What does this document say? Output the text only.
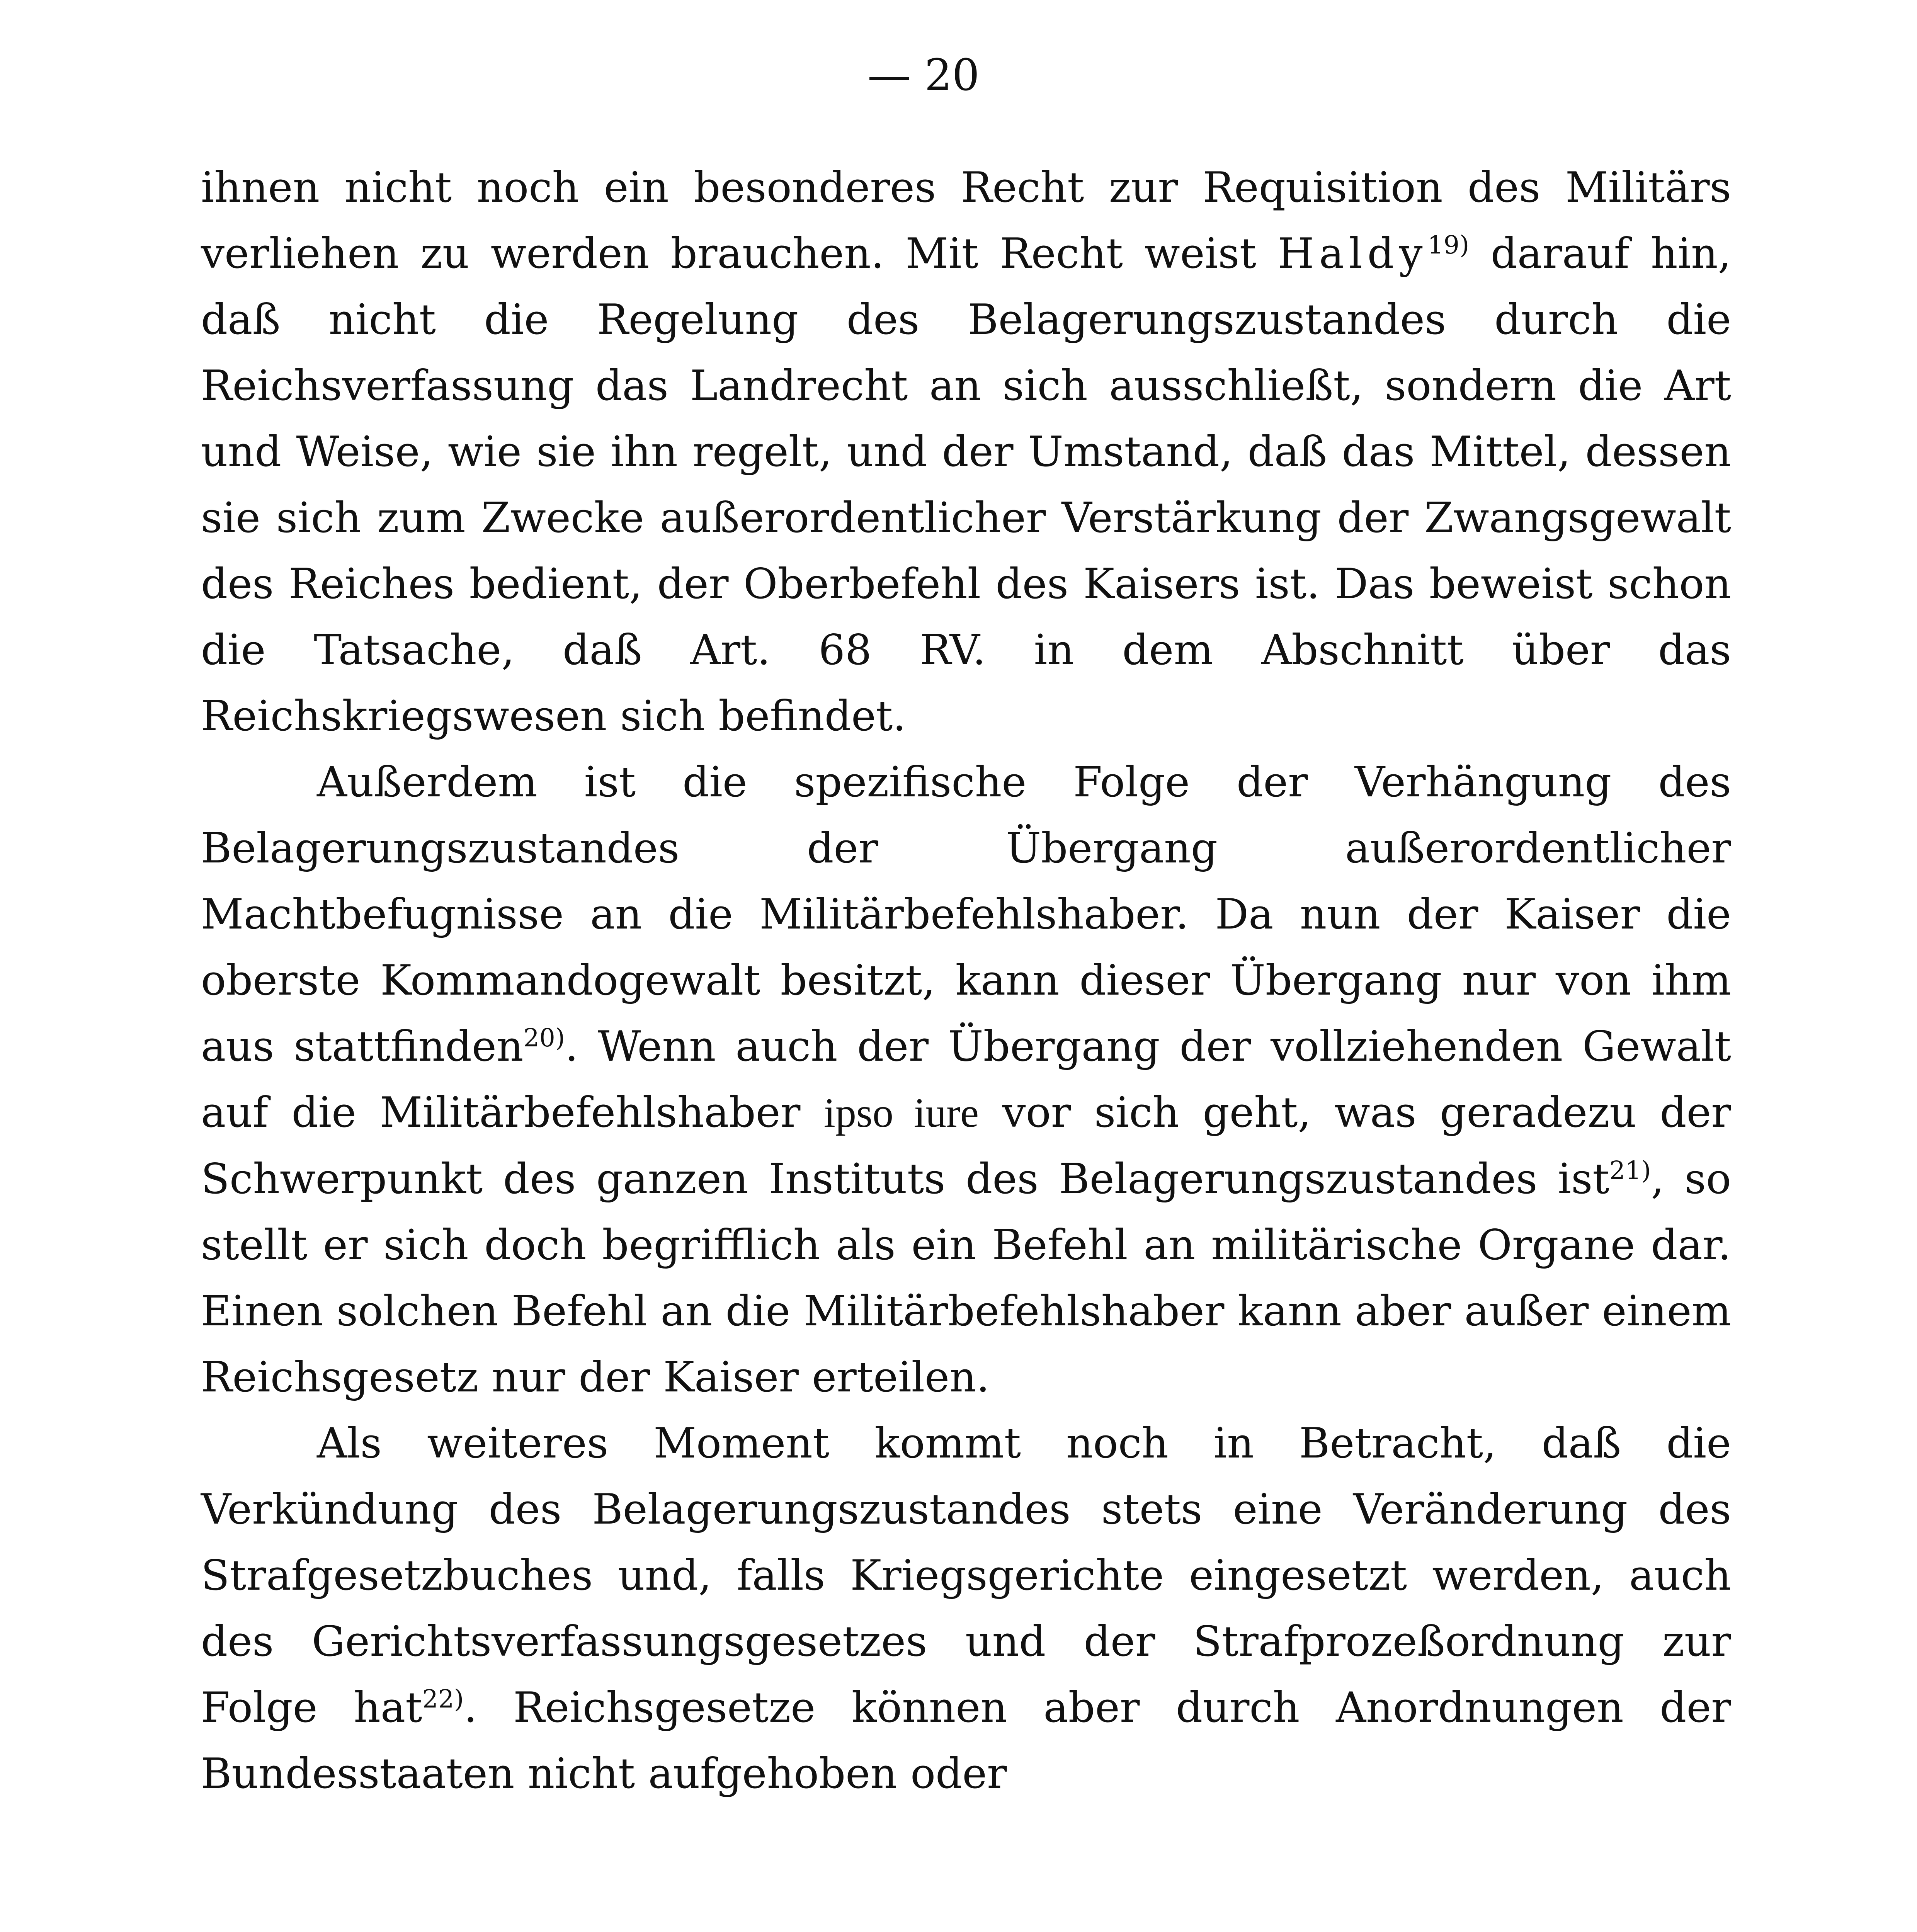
— 20

ihnen nicht noch ein besonderes Recht zur Requisition des Militärs verliehen zu werden brauchen. Mit Recht weist Haldy$^{19)}$ darauf hin, daß nicht die Regelung des Belagerungszustandes durch die Reichsverfassung das Landrecht an sich ausschließt, sondern die Art und Weise, wie sie ihn regelt, und der Umstand, daß das Mittel, dessen sie sich zum Zwecke außerordentlicher Verstärkung der Zwangsgewalt des Reiches bedient, der Oberbefehl des Kaisers ist. Das beweist schon die Tatsache, daß Art. 68 RV. in dem Abschnitt über das Reichskriegswesen sich befindet.

Außerdem ist die spezifische Folge der Verhängung des Belagerungszustandes der Übergang außerordentlicher Machtbefugnisse an die Militärbefehlshaber. Da nun der Kaiser die oberste Kommandogewalt besitzt, kann dieser Übergang nur von ihm aus stattfinden$^{20)}$. Wenn auch der Übergang der vollziehenden Gewalt auf die Militärbefehlshaber ipso iure vor sich geht, was geradezu der Schwerpunkt des ganzen Instituts des Belagerungszustandes ist$^{21)}$, so stellt er sich doch begrifflich als ein Befehl an militärische Organe dar. Einen solchen Befehl an die Militärbefehlshaber kann aber außer einem Reichsgesetz nur der Kaiser erteilen.

Als weiteres Moment kommt noch in Betracht, daß die Verkündung des Belagerungszustandes stets eine Veränderung des Strafgesetzbuches und, falls Kriegsgerichte eingesetzt werden, auch des Gerichtsverfassungsgesetzes und der Strafprozeßordnung zur Folge hat$^{22)}$. Reichsgesetze können aber durch Anordnungen der Bundesstaaten nicht aufgehoben oder
